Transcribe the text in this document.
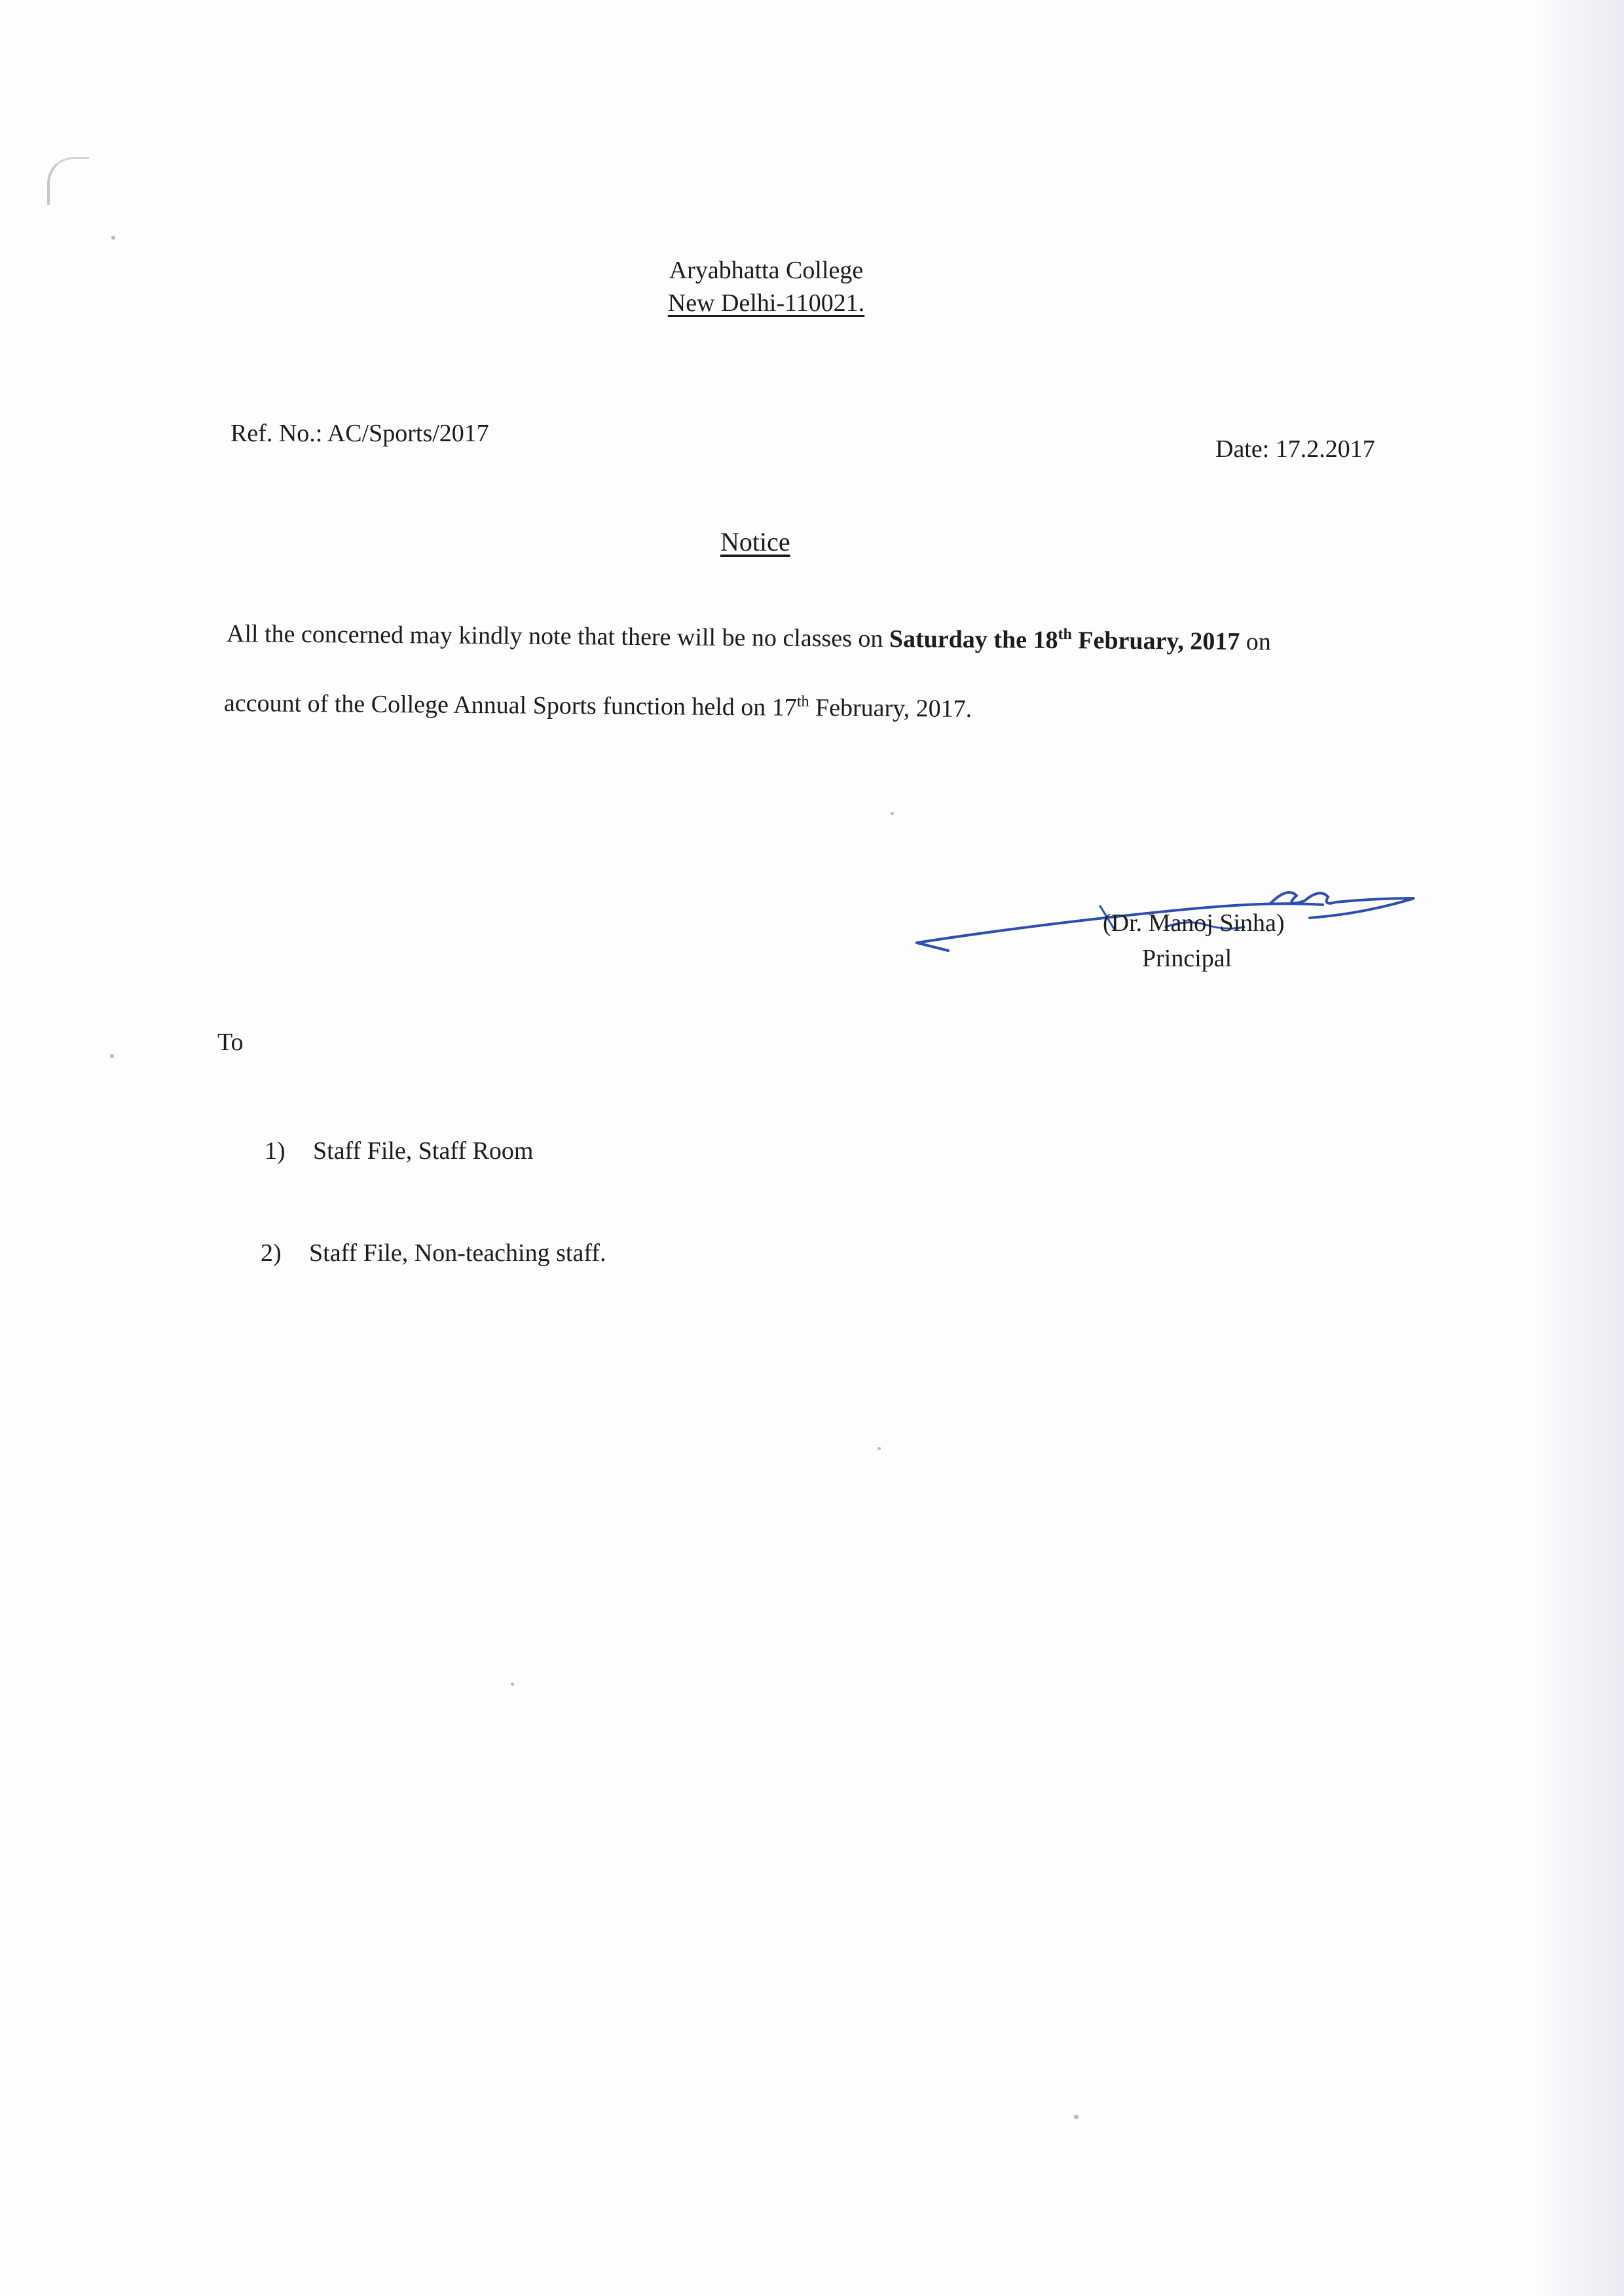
Aryabhatta College
New Delhi-110021.
Ref. No.: AC/Sports/2017
Date: 17.2.2017
Notice
All the concerned may kindly note that there will be no classes on Saturday the 18th February, 2017 on
account of the College Annual Sports function held on 17th February, 2017.
(Dr. Manoj Sinha)
Principal
To
1) Staff File, Staff Room
2) Staff File, Non-teaching staff.
